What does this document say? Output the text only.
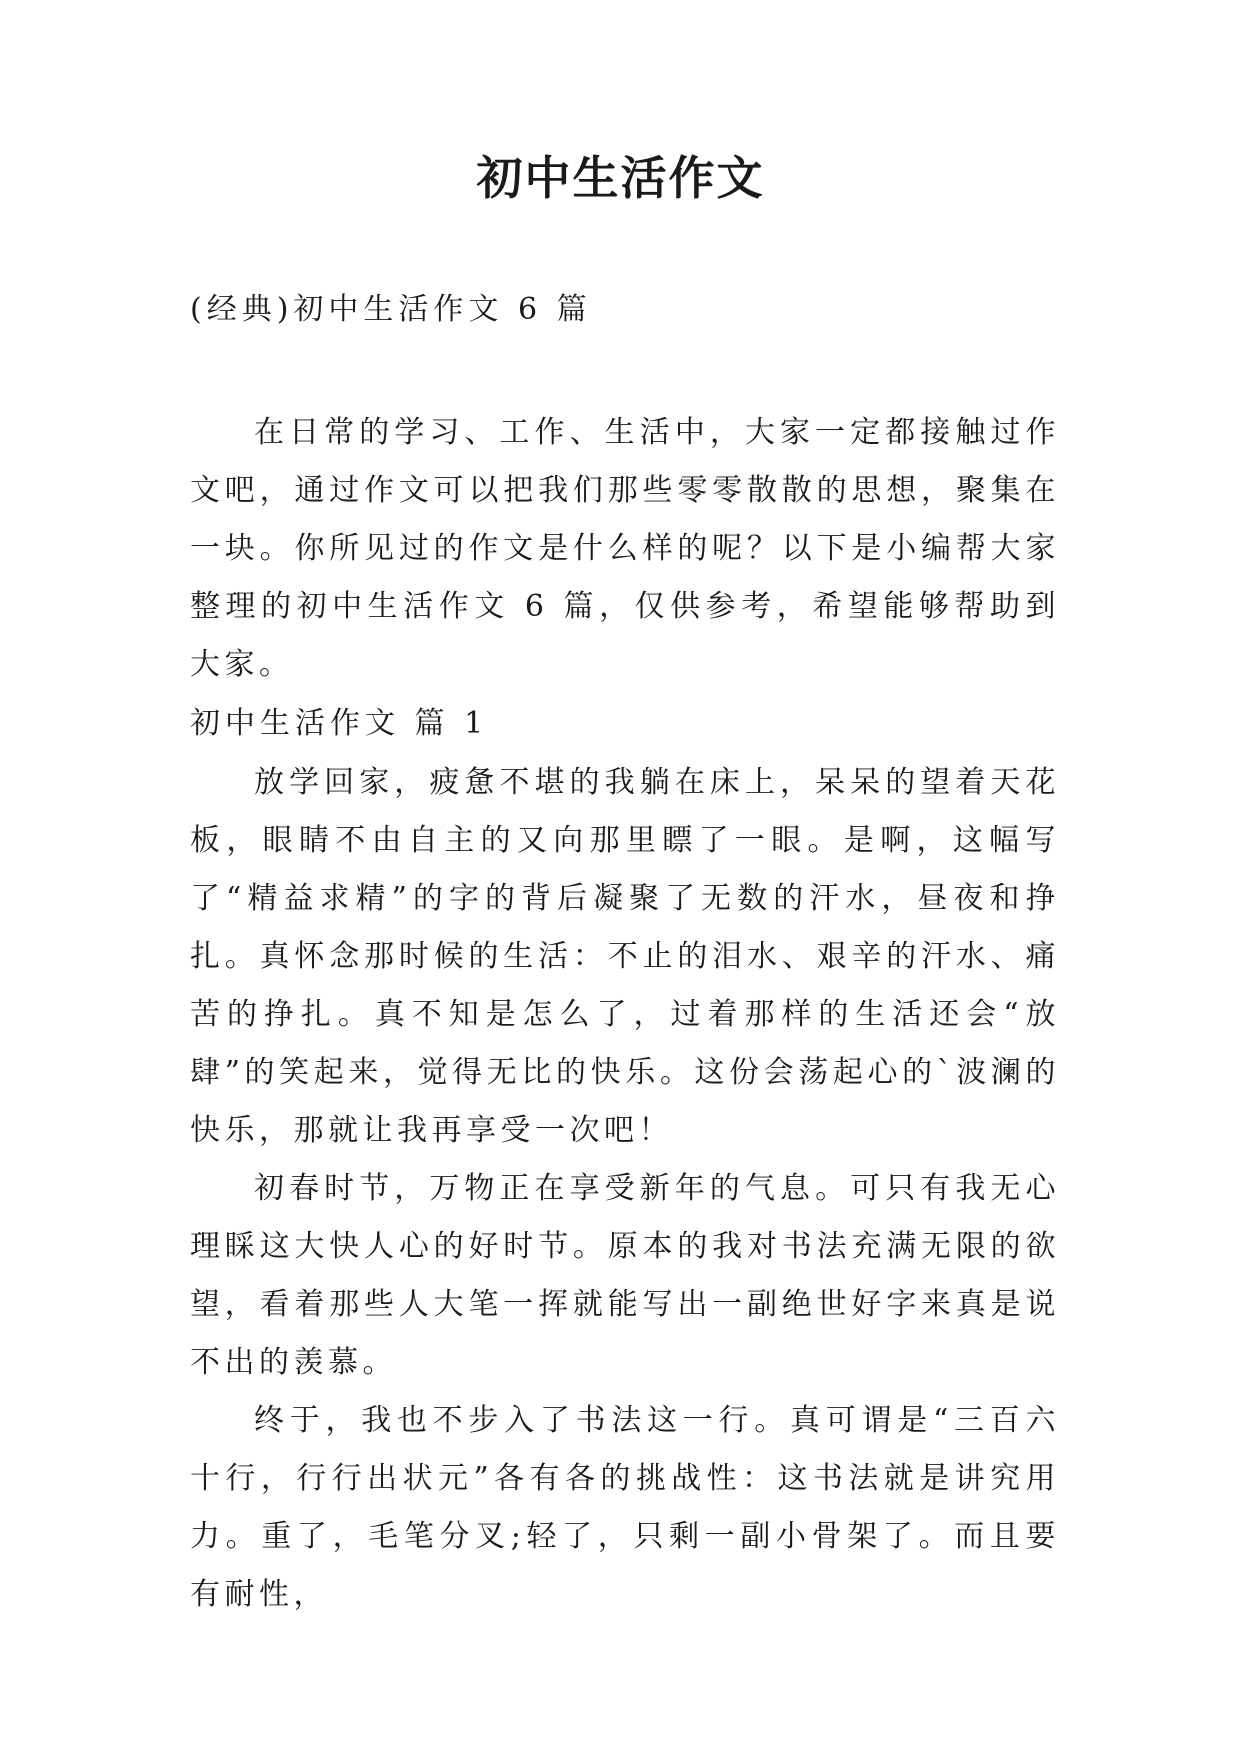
初中生活作文

(经典)初中生活作文 6 篇

在日常的学习、工作、生活中，大家一定都接触过作文吧，通过作文可以把我们那些零零散散的思想，聚集在一块。你所见过的作文是什么样的呢？以下是小编帮大家整理的初中生活作文 6 篇，仅供参考，希望能够帮助到大家。

初中生活作文 篇 1

放学回家，疲惫不堪的我躺在床上，呆呆的望着天花板，眼睛不由自主的又向那里瞟了一眼。是啊，这幅写了“精益求精”的字的背后凝聚了无数的汗水，昼夜和挣扎。真怀念那时候的生活：不止的泪水、艰辛的汗水、痛苦的挣扎。真不知是怎么了，过着那样的生活还会“放肆”的笑起来，觉得无比的快乐。这份会荡起心的`波澜的快乐，那就让我再享受一次吧！

初春时节，万物正在享受新年的气息。可只有我无心理睬这大快人心的好时节。原本的我对书法充满无限的欲望，看着那些人大笔一挥就能写出一副绝世好字来真是说不出的羡慕。

终于，我也不步入了书法这一行。真可谓是“三百六十行，行行出状元”各有各的挑战性：这书法就是讲究用力。重了，毛笔分叉;轻了，只剩一副小骨架了。而且要有耐性，
